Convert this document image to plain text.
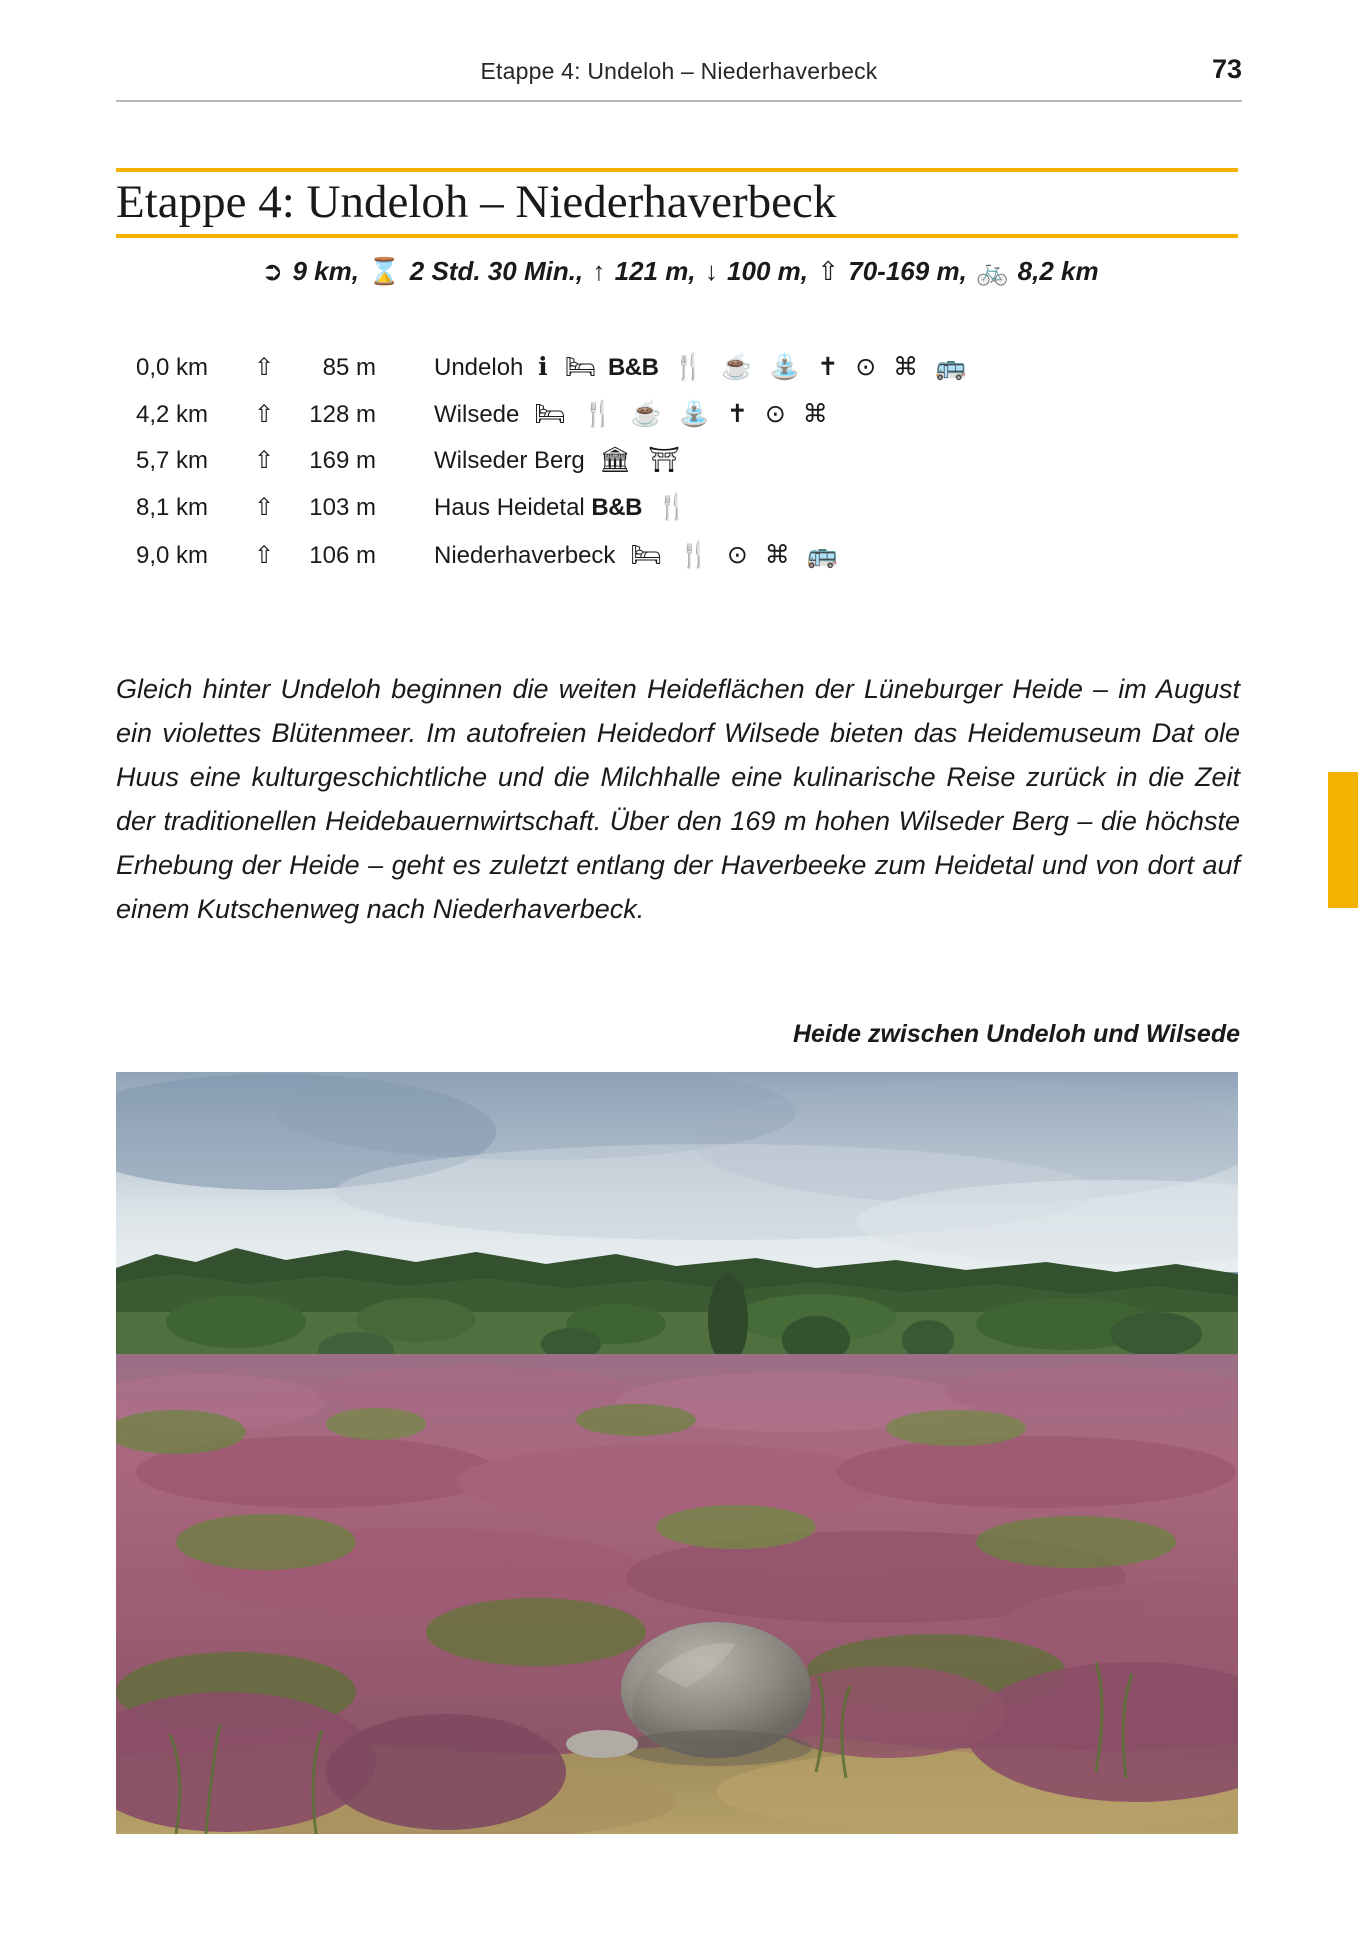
Etappe 4: Undeloh – Niederhaverbeck	73
Etappe 4: Undeloh – Niederhaverbeck
➲ 9 km, ⌛ 2 Std. 30 Min., ↑ 121 m, ↓ 100 m, ⇧ 70-169 m, 🚲 8,2 km
0,0 km	⇧ 85 m	Undeloh ℹ 🛏 B&B 🍴 ☕ ⛲ ✝ ⊙ ⌘ 🚌
4,2 km	⇧ 128 m	Wilsede 🛏 🍴 ☕ ⛲ ✝ ⊙ ⌘
5,7 km	⇧ 169 m	Wilseder Berg 🏛 ⛩
8,1 km	⇧ 103 m	Haus Heidetal B&B 🍴
9,0 km	⇧ 106 m	Niederhaverbeck 🛏 🍴 ⊙ ⌘ 🚌

Gleich hinter Undeloh beginnen die weiten Heideflächen der Lüneburger Heide – im August ein violettes Blütenmeer. Im autofreien Heidedorf Wilsede bieten das Heidemuseum Dat ole Huus eine kulturgeschichtliche und die Milchhalle eine kulinarische Reise zurück in die Zeit der traditionellen Heidebauernwirtschaft. Über den 169 m hohen Wilseder Berg – die höchste Erhebung der Heide – geht es zuletzt entlang der Haverbeeke zum Heidetal und von dort auf einem Kutschenweg nach Niederhaverbeck.

Heide zwischen Undeloh und Wilsede
